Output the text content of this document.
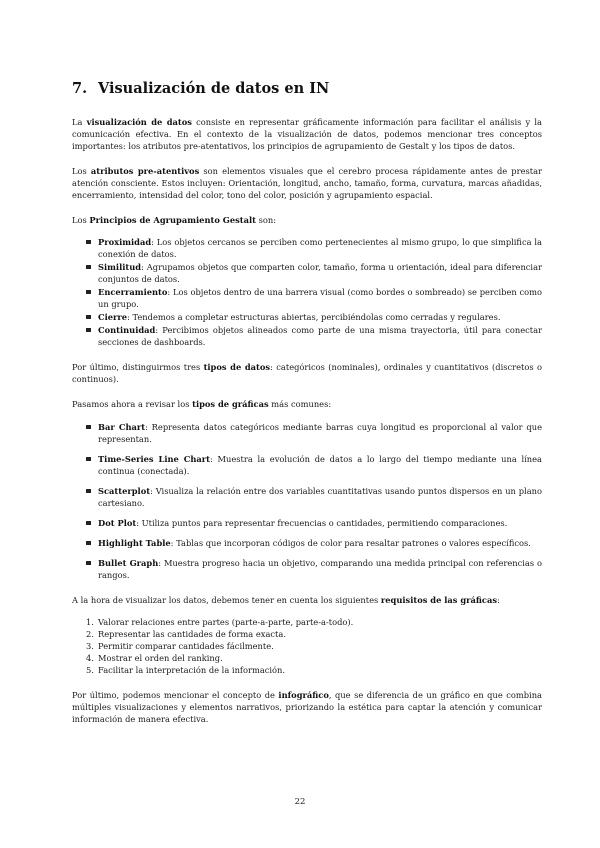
7. Visualización de datos en IN

La visualización de datos consiste en representar gráficamente información para facilitar el análisis y la comunicación efectiva. En el contexto de la visualización de datos, podemos mencionar tres conceptos importantes: los atributos pre-atentativos, los principios de agrupamiento de Gestalt y los tipos de datos.

Los atributos pre-atentivos son elementos visuales que el cerebro procesa rápidamente antes de prestar atención consciente. Estos incluyen: Orientación, longitud, ancho, tamaño, forma, curvatura, marcas añadidas, encerramiento, intensidad del color, tono del color, posición y agrupamiento espacial.

Los Principios de Agrupamiento Gestalt son:

Proximidad: Los objetos cercanos se perciben como pertenecientes al mismo grupo, lo que simplifica la conexión de datos.
Similitud: Agrupamos objetos que comparten color, tamaño, forma u orientación, ideal para diferenciar conjuntos de datos.
Encerramiento: Los objetos dentro de una barrera visual (como bordes o sombreado) se perciben como un grupo.
Cierre: Tendemos a completar estructuras abiertas, percibiéndolas como cerradas y regulares.
Continuidad: Percibimos objetos alineados como parte de una misma trayectoria, útil para conectar secciones de dashboards.

Por último, distinguirmos tres tipos de datos: categóricos (nominales), ordinales y cuantitativos (discretos o continuos).

Pasamos ahora a revisar los tipos de gráficas más comunes:

Bar Chart: Representa datos categóricos mediante barras cuya longitud es proporcional al valor que representan.
Time-Series Line Chart: Muestra la evolución de datos a lo largo del tiempo mediante una línea continua (conectada).
Scatterplot: Visualiza la relación entre dos variables cuantitativas usando puntos dispersos en un plano cartesiano.
Dot Plot: Utiliza puntos para representar frecuencias o cantidades, permitiendo comparaciones.
Highlight Table: Tablas que incorporan códigos de color para resaltar patrones o valores específicos.
Bullet Graph: Muestra progreso hacia un objetivo, comparando una medida principal con referencias o rangos.

A la hora de visualizar los datos, debemos tener en cuenta los siguientes requisitos de las gráficas:

1. Valorar relaciones entre partes (parte-a-parte, parte-a-todo).
2. Representar las cantidades de forma exacta.
3. Permitir comparar cantidades fácilmente.
4. Mostrar el orden del ranking.
5. Facilitar la interpretación de la información.

Por último, podemos mencionar el concepto de infográfico, que se diferencia de un gráfico en que combina múltiples visualizaciones y elementos narrativos, priorizando la estética para captar la atención y comunicar información de manera efectiva.

22
